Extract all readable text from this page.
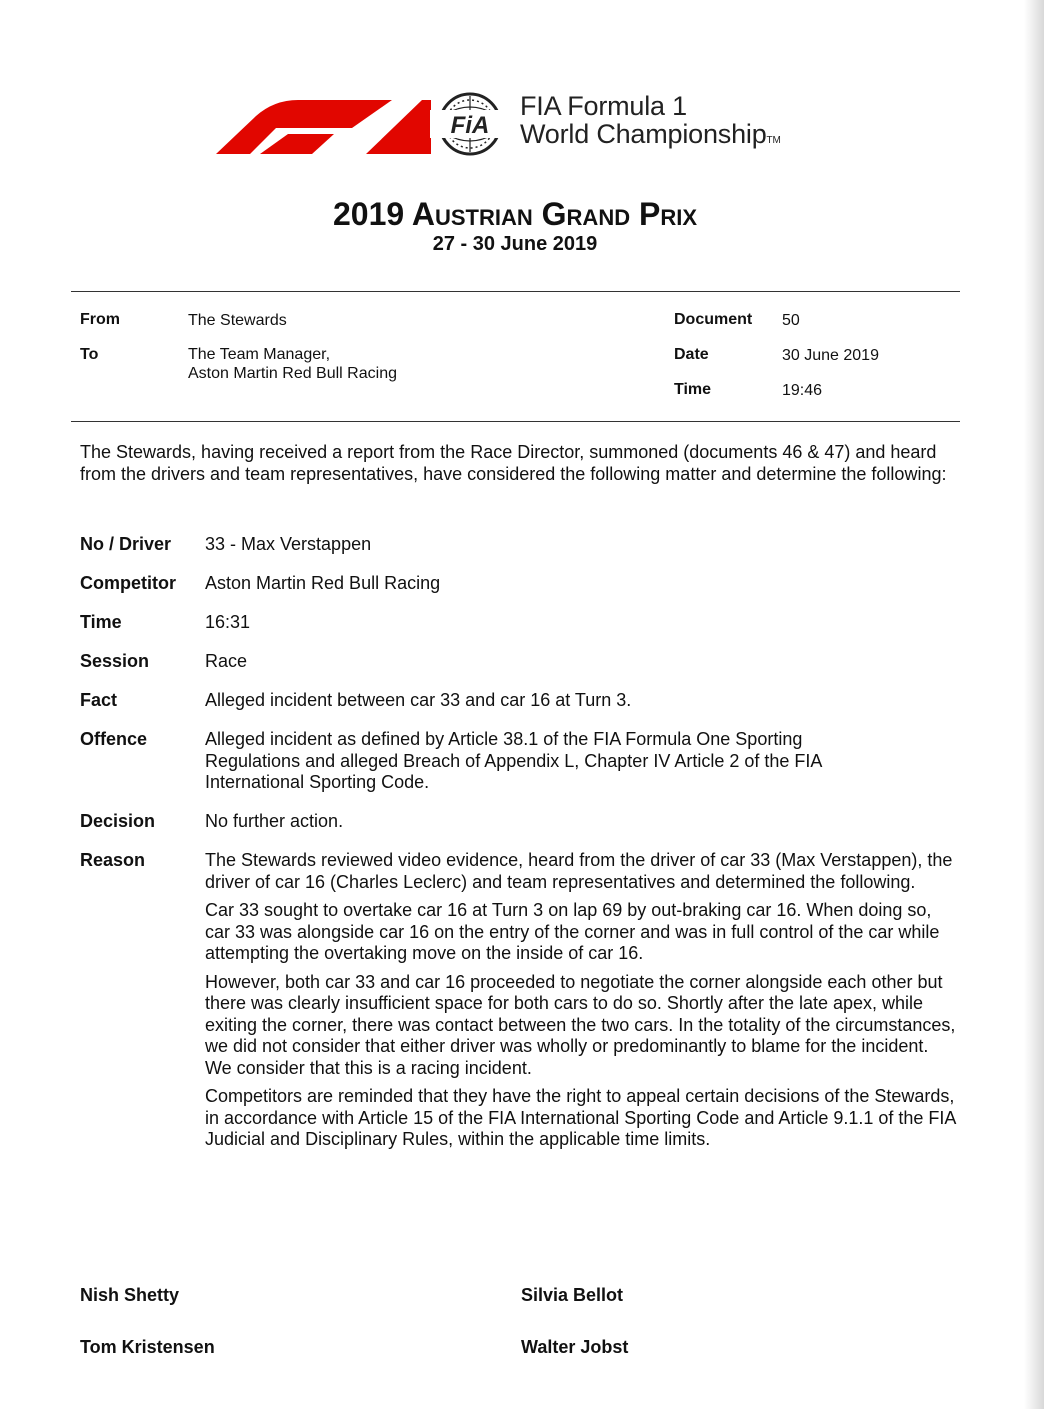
FiA
FIA Formula 1
World ChampionshipTM
2019 Austrian Grand Prix
27 - 30 June 2019
From	The Stewards
To	The Team Manager,
Aston Martin Red Bull Racing
Document 50
Date	30 June 2019
Time	19:46
The Stewards, having received a report from the Race Director, summoned (documents 46 & 47) and heard from the drivers and team representatives, have considered the following matter and determine the following:
No / Driver 33 - Max Verstappen
Competitor Aston Martin Red Bull Racing
Time	16:31
Session	Race
Fact	Alleged incident between car 33 and car 16 at Turn 3.
Offence	Alleged incident as defined by Article 38.1 of the FIA Formula One Sporting Regulations and alleged Breach of Appendix L, Chapter IV Article 2 of the FIA International Sporting Code.
Decision	No further action.
Reason	The Stewards reviewed video evidence, heard from the driver of car 33 (Max Verstappen), the driver of car 16 (Charles Leclerc) and team representatives and determined the following.

Car 33 sought to overtake car 16 at Turn 3 on lap 69 by out-braking car 16. When doing so, car 33 was alongside car 16 on the entry of the corner and was in full control of the car while attempting the overtaking move on the inside of car 16.

However, both car 33 and car 16 proceeded to negotiate the corner alongside each other but there was clearly insufficient space for both cars to do so. Shortly after the late apex, while exiting the corner, there was contact between the two cars. In the totality of the circumstances, we did not consider that either driver was wholly or predominantly to blame for the incident. We consider that this is a racing incident.

Competitors are reminded that they have the right to appeal certain decisions of the Stewards, in accordance with Article 15 of the FIA International Sporting Code and Article 9.1.1 of the FIA Judicial and Disciplinary Rules, within the applicable time limits.

Nish Shetty	Silvia Bellot
Tom Kristensen	Walter Jobst
